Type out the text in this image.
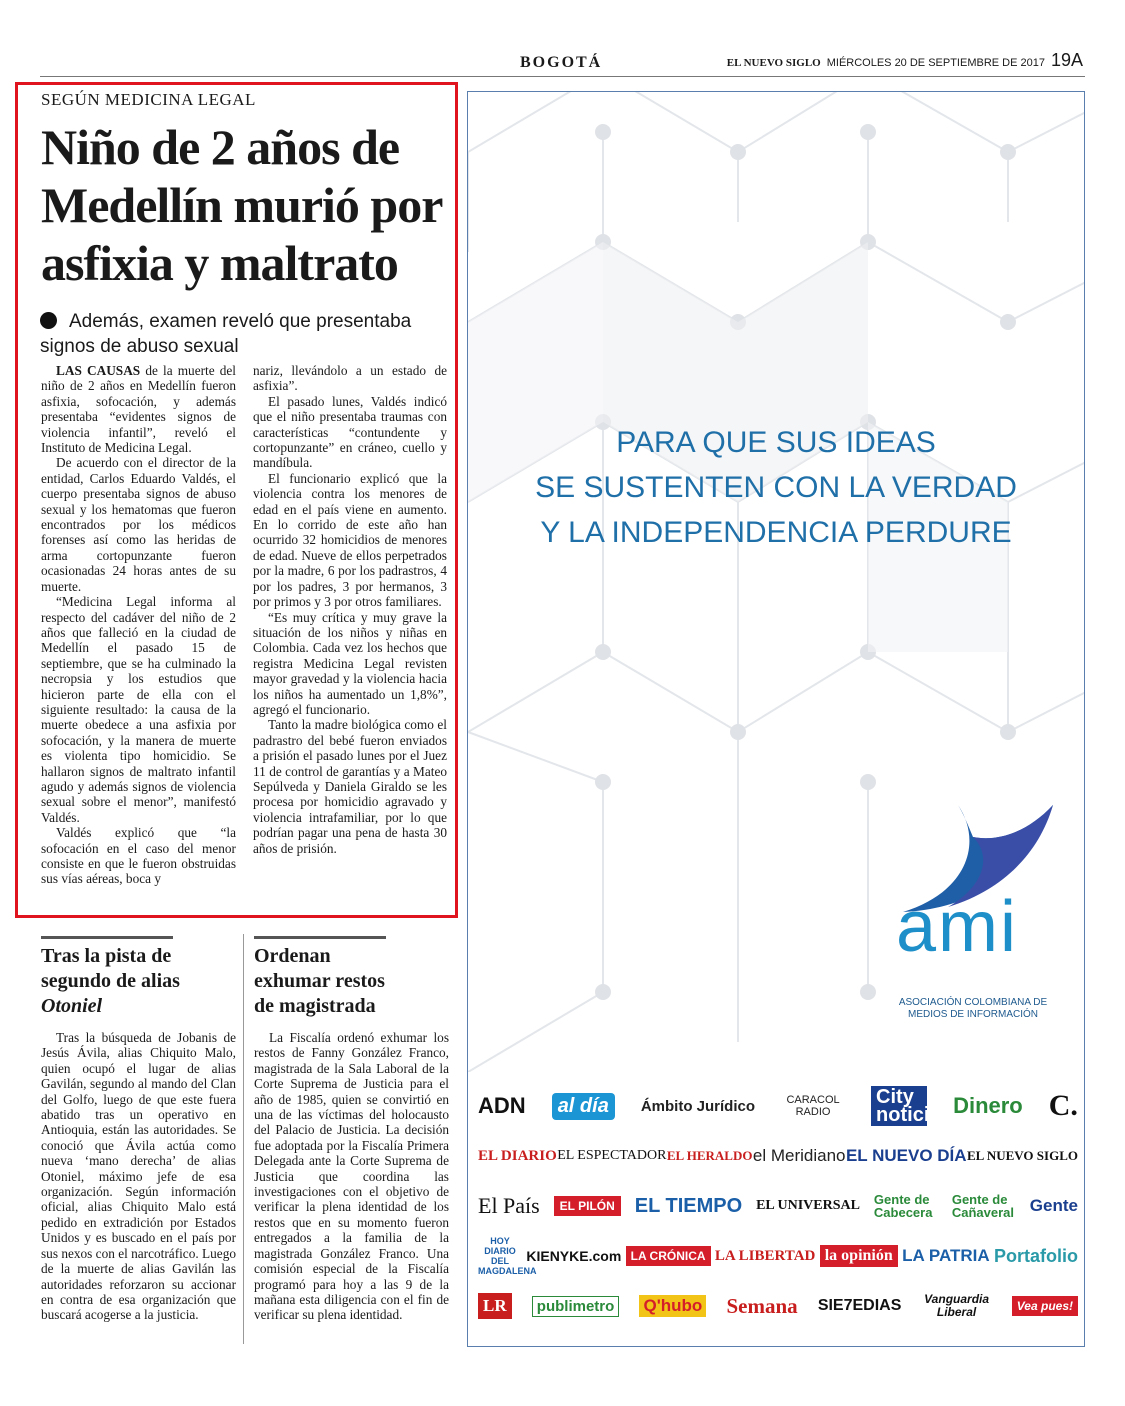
BOGOTÁ	EL NUEVO SIGLO MIÉRCOLES 20 DE SEPTIEMBRE DE 2017 19A
SEGÚN MEDICINA LEGAL
Niño de 2 años de Medellín murió por asfixia y maltrato
Además, examen reveló que presentaba signos de abuso sexual

LAS CAUSAS de la muerte del niño de 2 años en Medellín fueron asfixia, sofocación, y además presentaba “evidentes signos de violencia infantil”, reveló el Instituto de Medicina Legal.

De acuerdo con el director de la entidad, Carlos Eduardo Valdés, el cuerpo presentaba signos de abuso sexual y los hematomas que fueron encontrados por los médicos forenses así como las heridas de arma cortopunzante fueron ocasionadas 24 horas antes de su muerte.

“Medicina Legal informa al respecto del cadáver del niño de 2 años que falleció en la ciudad de Medellín el pasado 15 de septiembre, que se ha culminado la necropsia y los estudios que hicieron parte de ella con el siguiente resultado: la causa de la muerte obedece a una asfixia por sofocación, y la manera de muerte es violenta tipo homicidio. Se hallaron signos de maltrato infantil agudo y además signos de violencia sexual sobre el menor”, manifestó Valdés.

Valdés explicó que “la sofocación en el caso del menor consiste en que le fueron obstruidas sus vías aéreas, boca y

nariz, llevándolo a un estado de asfixia”.

El pasado lunes, Valdés indicó que el niño presentaba traumas con características “contundente y cortopunzante” en cráneo, cuello y mandíbula.

El funcionario explicó que la violencia contra los menores de edad en el país viene en aumento. En lo corrido de este año han ocurrido 32 homicidios de menores de edad. Nueve de ellos perpetrados por la madre, 6 por los padrastros, 4 por los padres, 3 por hermanos, 3 por primos y 3 por otros familiares.

“Es muy crítica y muy grave la situación de los niños y niñas en Colombia. Cada vez los hechos que registra Medicina Legal revisten mayor gravedad y la violencia hacia los niños ha aumentado un 1,8%”, agregó el funcionario.

Tanto la madre biológica como el padrastro del bebé fueron enviados a prisión el pasado lunes por el Juez 11 de control de garantías y a Mateo Sepúlveda y Daniela Giraldo se les procesa por homicidio agravado y violencia intrafamiliar, por lo que podrían pagar una pena de hasta 30 años de prisión.

Tras la pista de
segundo de alias
Otoniel
Tras la búsqueda de Jobanis de Jesús Ávila, alias Chiquito Malo, quien ocupó el lugar de alias Gavilán, segundo al mando del Clan del Golfo, luego de que este fuera abatido tras un operativo en Antioquia, están las autoridades. Se conoció que Ávila actúa como nueva ‘mano derecha’ de alias Otoniel, máximo jefe de esa organización. Según información oficial, alias Chiquito Malo está pedido en extradición por Estados Unidos y es buscado en el país por sus nexos con el narcotráfico. Luego de la muerte de alias Gavilán las autoridades reforzaron su accionar en contra de esa organización que buscará acogerse a la justicia.
Ordenan
exhumar restos
de magistrada
La Fiscalía ordenó exhumar los restos de Fanny González Franco, magistrada de la Sala Laboral de la Corte Suprema de Justicia para el año de 1985, quien se convirtió en una de las víctimas del holocausto del Palacio de Justicia. La decisión fue adoptada por la Fiscalía Primera Delegada ante la Corte Suprema de Justicia que coordina las investigaciones con el objetivo de verificar la plena identidad de los restos que en su momento fueron entregados a la familia de la magistrada González Franco. Una comisión especial de la Fiscalía programó para hoy a las 9 de la mañana esta diligencia con el fin de verificar su plena identidad.
PARA QUE SUS IDEAS
SE SUSTENTEN CON LA VERDAD
Y LA INDEPENDENCIA PERDURE
ami
ASOCIACIÓN COLOMBIANA DE
MEDIOS DE INFORMACIÓN
ADN	al día	Ámbito Jurídico	CARACOL RADIO
City noticias Dinero C.
EL DIARIO EL ESPECTADOR EL HERALDO el Meridiano EL NUEVO DÍA EL NUEVO SIGLO
El País	EL PILÓN EL TIEMPO EL UNIVERSAL Gente de Cabecera
Gente de Cañaveral Gente
HOY DIARIO DEL MAGDALENA
KIENYKE.com LA CRÓNICA LA LIBERTAD la opinión LA PATRIA Portafolio
LR	publimetro Q'hubo Semana SIE7EDIAS Vanguardia Liberal	Vea pues!
